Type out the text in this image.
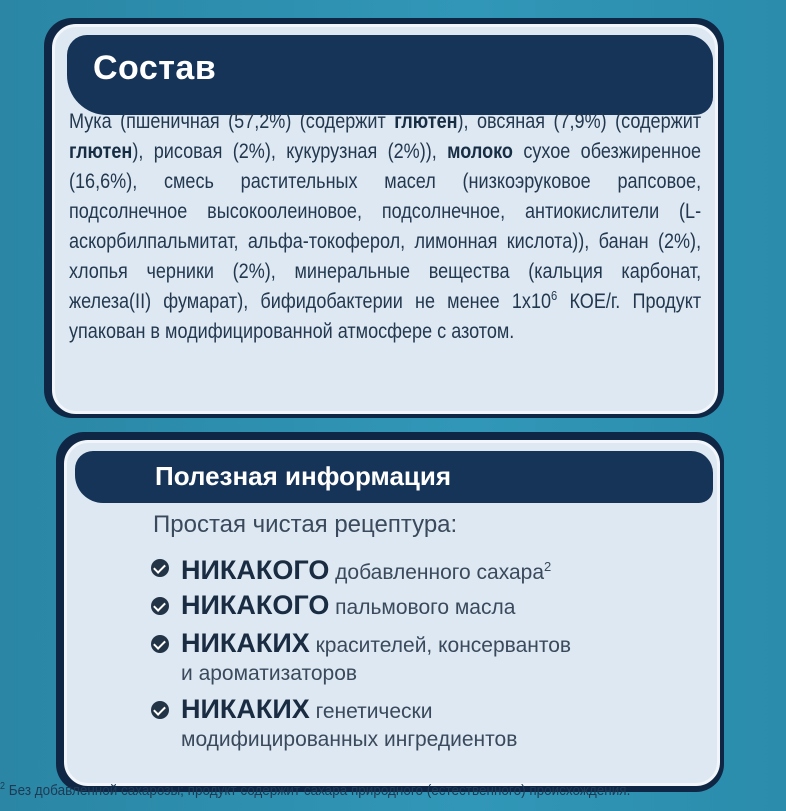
Состав
Мука (пшеничная (57,2%) (содержит глютен), овсяная (7,9%) (содержит глютен), рисовая (2%), кукурузная (2%)), молоко сухое обезжиренное (16,6%), смесь растительных масел (низкоэруковое рапсовое, подсолнечное высокоолеиновое, подсолнечное, антиокислители (L-аскорбилпальмитат, альфа-токоферол, лимонная кислота)), банан (2%), хлопья черники (2%), минеральные вещества (кальция карбонат, железа(II) фумарат), бифидобактерии не менее $1x10^6$ КОЕ/г. Продукт упакован в модифицированной атмосфере с азотом.
Полезная информация
Простая чистая рецептура:
НИКАКОГО добавленного сахара$^2$
НИКАКОГО пальмового масла
НИКАКИХ красителей, консервантов
и ароматизаторов
НИКАКИХ генетически
модифицированных ингредиентов
$^2$ Без добавленной сахарозы; продукт содержит сахара природного (естественного) происхождения.
